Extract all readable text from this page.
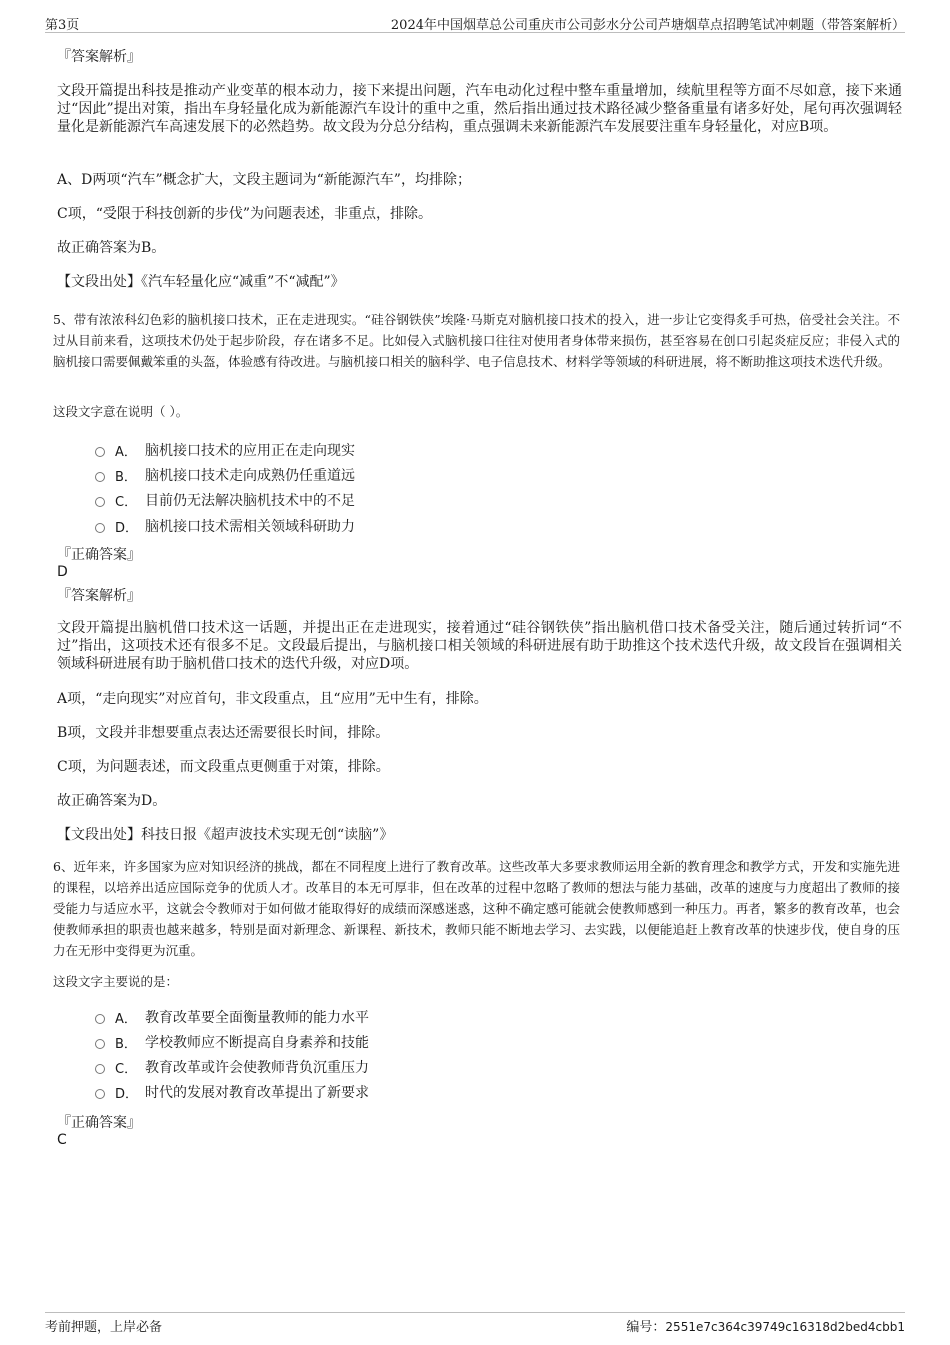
第3页	2024年中国烟草总公司重庆市公司彭水分公司芦塘烟草点招聘笔试冲刺题（带答案解析）
『答案解析』
文段开篇提出科技是推动产业变革的根本动力，接下来提出问题，汽车电动化过程中整车重量增加，续航里程等方面不尽如意，接下来通过“因此”提出对策，指出车身轻量化成为新能源汽车设计的重中之重，然后指出通过技术路径减少整备重量有诸多好处，尾句再次强调轻量化是新能源汽车高速发展下的必然趋势。故文段为分总分结构，重点强调未来新能源汽车发展要注重车身轻量化，对应B项。
A、D两项“汽车”概念扩大，文段主题词为“新能源汽车”，均排除；
C项，“受限于科技创新的步伐”为问题表述，非重点，排除。
故正确答案为B。
【文段出处】《汽车轻量化应“减重”不“减配”》
5、带有浓浓科幻色彩的脑机接口技术，正在走进现实。“硅谷钢铁侠”埃隆·马斯克对脑机接口技术的投入，进一步让它变得炙手可热，倍受社会关注。不过从目前来看，这项技术仍处于起步阶段，存在诸多不足。比如侵入式脑机接口往往对使用者身体带来损伤，甚至容易在创口引起炎症反应；非侵入式的脑机接口需要佩戴笨重的头盔，体验感有待改进。与脑机接口相关的脑科学、电子信息技术、材料学等领域的科研进展，将不断助推这项技术迭代升级。
这段文字意在说明（ ）。
A． 脑机接口技术的应用正在走向现实
B． 脑机接口技术走向成熟仍任重道远
C． 目前仍无法解决脑机技术中的不足
D． 脑机接口技术需相关领域科研助力
『正确答案』
D
『答案解析』
文段开篇提出脑机借口技术这一话题，并提出正在走进现实，接着通过“硅谷钢铁侠”指出脑机借口技术备受关注，随后通过转折词“不过”指出，这项技术还有很多不足。文段最后提出，与脑机接口相关领域的科研进展有助于助推这个技术迭代升级，故文段旨在强调相关领域科研进展有助于脑机借口技术的迭代升级，对应D项。
A项，“走向现实”对应首句，非文段重点，且“应用”无中生有，排除。
B项，文段并非想要重点表达还需要很长时间，排除。
C项，为问题表述，而文段重点更侧重于对策，排除。
故正确答案为D。
【文段出处】科技日报《超声波技术实现无创“读脑”》
6、近年来，许多国家为应对知识经济的挑战，都在不同程度上进行了教育改革。这些改革大多要求教师运用全新的教育理念和教学方式，开发和实施先进的课程，以培养出适应国际竞争的优质人才。改革目的本无可厚非，但在改革的过程中忽略了教师的想法与能力基础，改革的速度与力度超出了教师的接受能力与适应水平，这就会令教师对于如何做才能取得好的成绩而深感迷惑，这种不确定感可能就会使教师感到一种压力。再者，繁多的教育改革，也会使教师承担的职责也越来越多，特别是面对新理念、新课程、新技术，教师只能不断地去学习、去实践，以便能追赶上教育改革的快速步伐，使自身的压力在无形中变得更为沉重。
这段文字主要说的是：
A． 教育改革要全面衡量教师的能力水平
B． 学校教师应不断提高自身素养和技能
C． 教育改革或许会使教师背负沉重压力
D． 时代的发展对教育改革提出了新要求
『正确答案』
C
考前押题，上岸必备	编号：2551e7c364c39749c16318d2bed4cbb1
